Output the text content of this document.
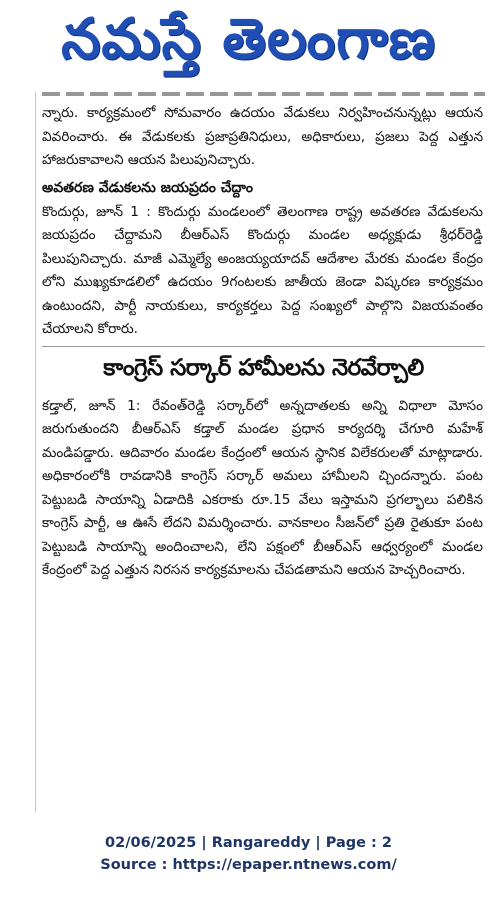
నమస్తే తెలంగాణ

న్నారు. కార్యక్రమంలో సోమవారం ఉదయం వేడుకలు నిర్వహించనున్నట్లు ఆయన వివరించారు. ఈ వేడుకలకు ప్రజాప్రతినిధులు, అధికారులు, ప్రజలు పెద్ద ఎత్తున హాజరుకావాలని ఆయన పిలుపునిచ్చారు.

అవతరణ వేడుకలను జయప్రదం చేద్దాం

కొందుర్గు, జూన్ 1 : కొందుర్గు మండలంలో తెలంగాణ రాష్ట్ర అవతరణ వేడుకలను జయప్రదం చేద్దామని బీఆర్ఎస్ కొందుర్గు మండల అధ్యక్షుడు శ్రీధర్‌రెడ్డి పిలుపునిచ్చారు. మాజీ ఎమ్మెల్యే అంజయ్యయాదవ్ ఆదేశాల మేరకు మండల కేంద్రం లోని ముఖ్యకూడలిలో ఉదయం 9గంటలకు జాతీయ జెండా విష్కరణ కార్యక్రమం ఉంటుందని, పార్టీ నాయకులు, కార్యకర్తలు పెద్ద సంఖ్యలో పాల్గొని విజయవంతం చేయాలని కోరారు.

కాంగ్రెస్ సర్కార్ హామీలను నెరవేర్చాలి

కడ్తాల్, జూన్ 1: రేవంత్‌రెడ్డి సర్కార్‌లో అన్నదాతలకు అన్ని విధాలా మోసం జరుగుతుందని బీఆర్ఎస్ కడ్తాల్ మండల ప్రధాన కార్యదర్శి చేగూరి మహేశ్ మండిపడ్డారు. ఆదివారం మండల కేంద్రంలో ఆయన స్థానిక విలేకరులతో మాట్లాడారు. అధికారంలోకి రావడానికి కాంగ్రెస్ సర్కార్ అమలు హామీలని చ్చిందన్నారు. పంట పెట్టుబడి సాయాన్ని ఏడాదికి ఎకరాకు రూ.15 వేలు ఇస్తామని ప్రగల్భాలు పలికిన కాంగ్రెస్ పార్టీ, ఆ ఊసే లేదని విమర్శించారు. వానకాలం సీజన్‌లో ప్రతి రైతుకూ పంట పెట్టుబడి సాయాన్ని అందించాలని, లేని పక్షంలో బీఆర్ఎస్ ఆధ్వర్యంలో మండల కేంద్రంలో పెద్ద ఎత్తున నిరసన కార్యక్రమాలను చేపడతామని ఆయన హెచ్చరించారు.

02/06/2025 | Rangareddy | Page : 2
Source : https://epaper.ntnews.com/
